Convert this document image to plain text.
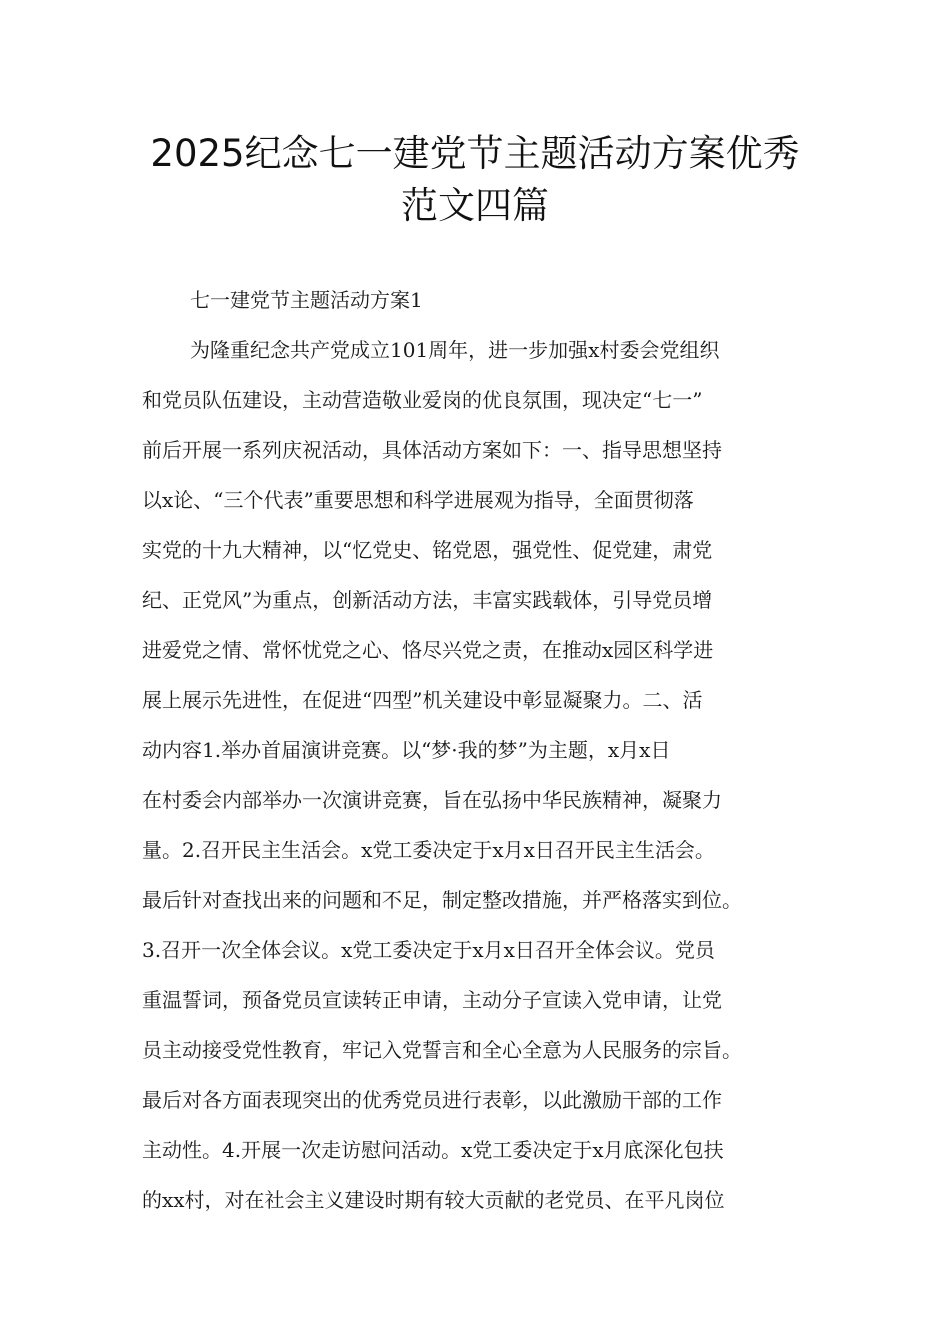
2025纪念七一建党节主题活动方案优秀
范文四篇
七一建党节主题活动方案1
为隆重纪念共产党成立101周年，进一步加强x村委会党组织
和党员队伍建设，主动营造敬业爱岗的优良氛围，现决定“七一”
前后开展一系列庆祝活动，具体活动方案如下：一、指导思想坚持
以x论、“三个代表”重要思想和科学进展观为指导，全面贯彻落
实党的十九大精神，以“忆党史、铭党恩，强党性、促党建，肃党
纪、正党风”为重点，创新活动方法，丰富实践载体，引导党员增
进爱党之情、常怀忧党之心、恪尽兴党之责，在推动x园区科学进
展上展示先进性，在促进“四型”机关建设中彰显凝聚力。二、活
动内容1.举办首届演讲竞赛。以“梦·我的梦”为主题，x月x日
在村委会内部举办一次演讲竞赛，旨在弘扬中华民族精神，凝聚力
量。2.召开民主生活会。x党工委决定于x月x日召开民主生活会。
最后针对查找出来的问题和不足，制定整改措施，并严格落实到位。
3.召开一次全体会议。x党工委决定于x月x日召开全体会议。党员
重温誓词，预备党员宣读转正申请，主动分子宣读入党申请，让党
员主动接受党性教育，牢记入党誓言和全心全意为人民服务的宗旨。
最后对各方面表现突出的优秀党员进行表彰，以此激励干部的工作
主动性。4.开展一次走访慰问活动。x党工委决定于x月底深化包扶
的xx村，对在社会主义建设时期有较大贡献的老党员、在平凡岗位
